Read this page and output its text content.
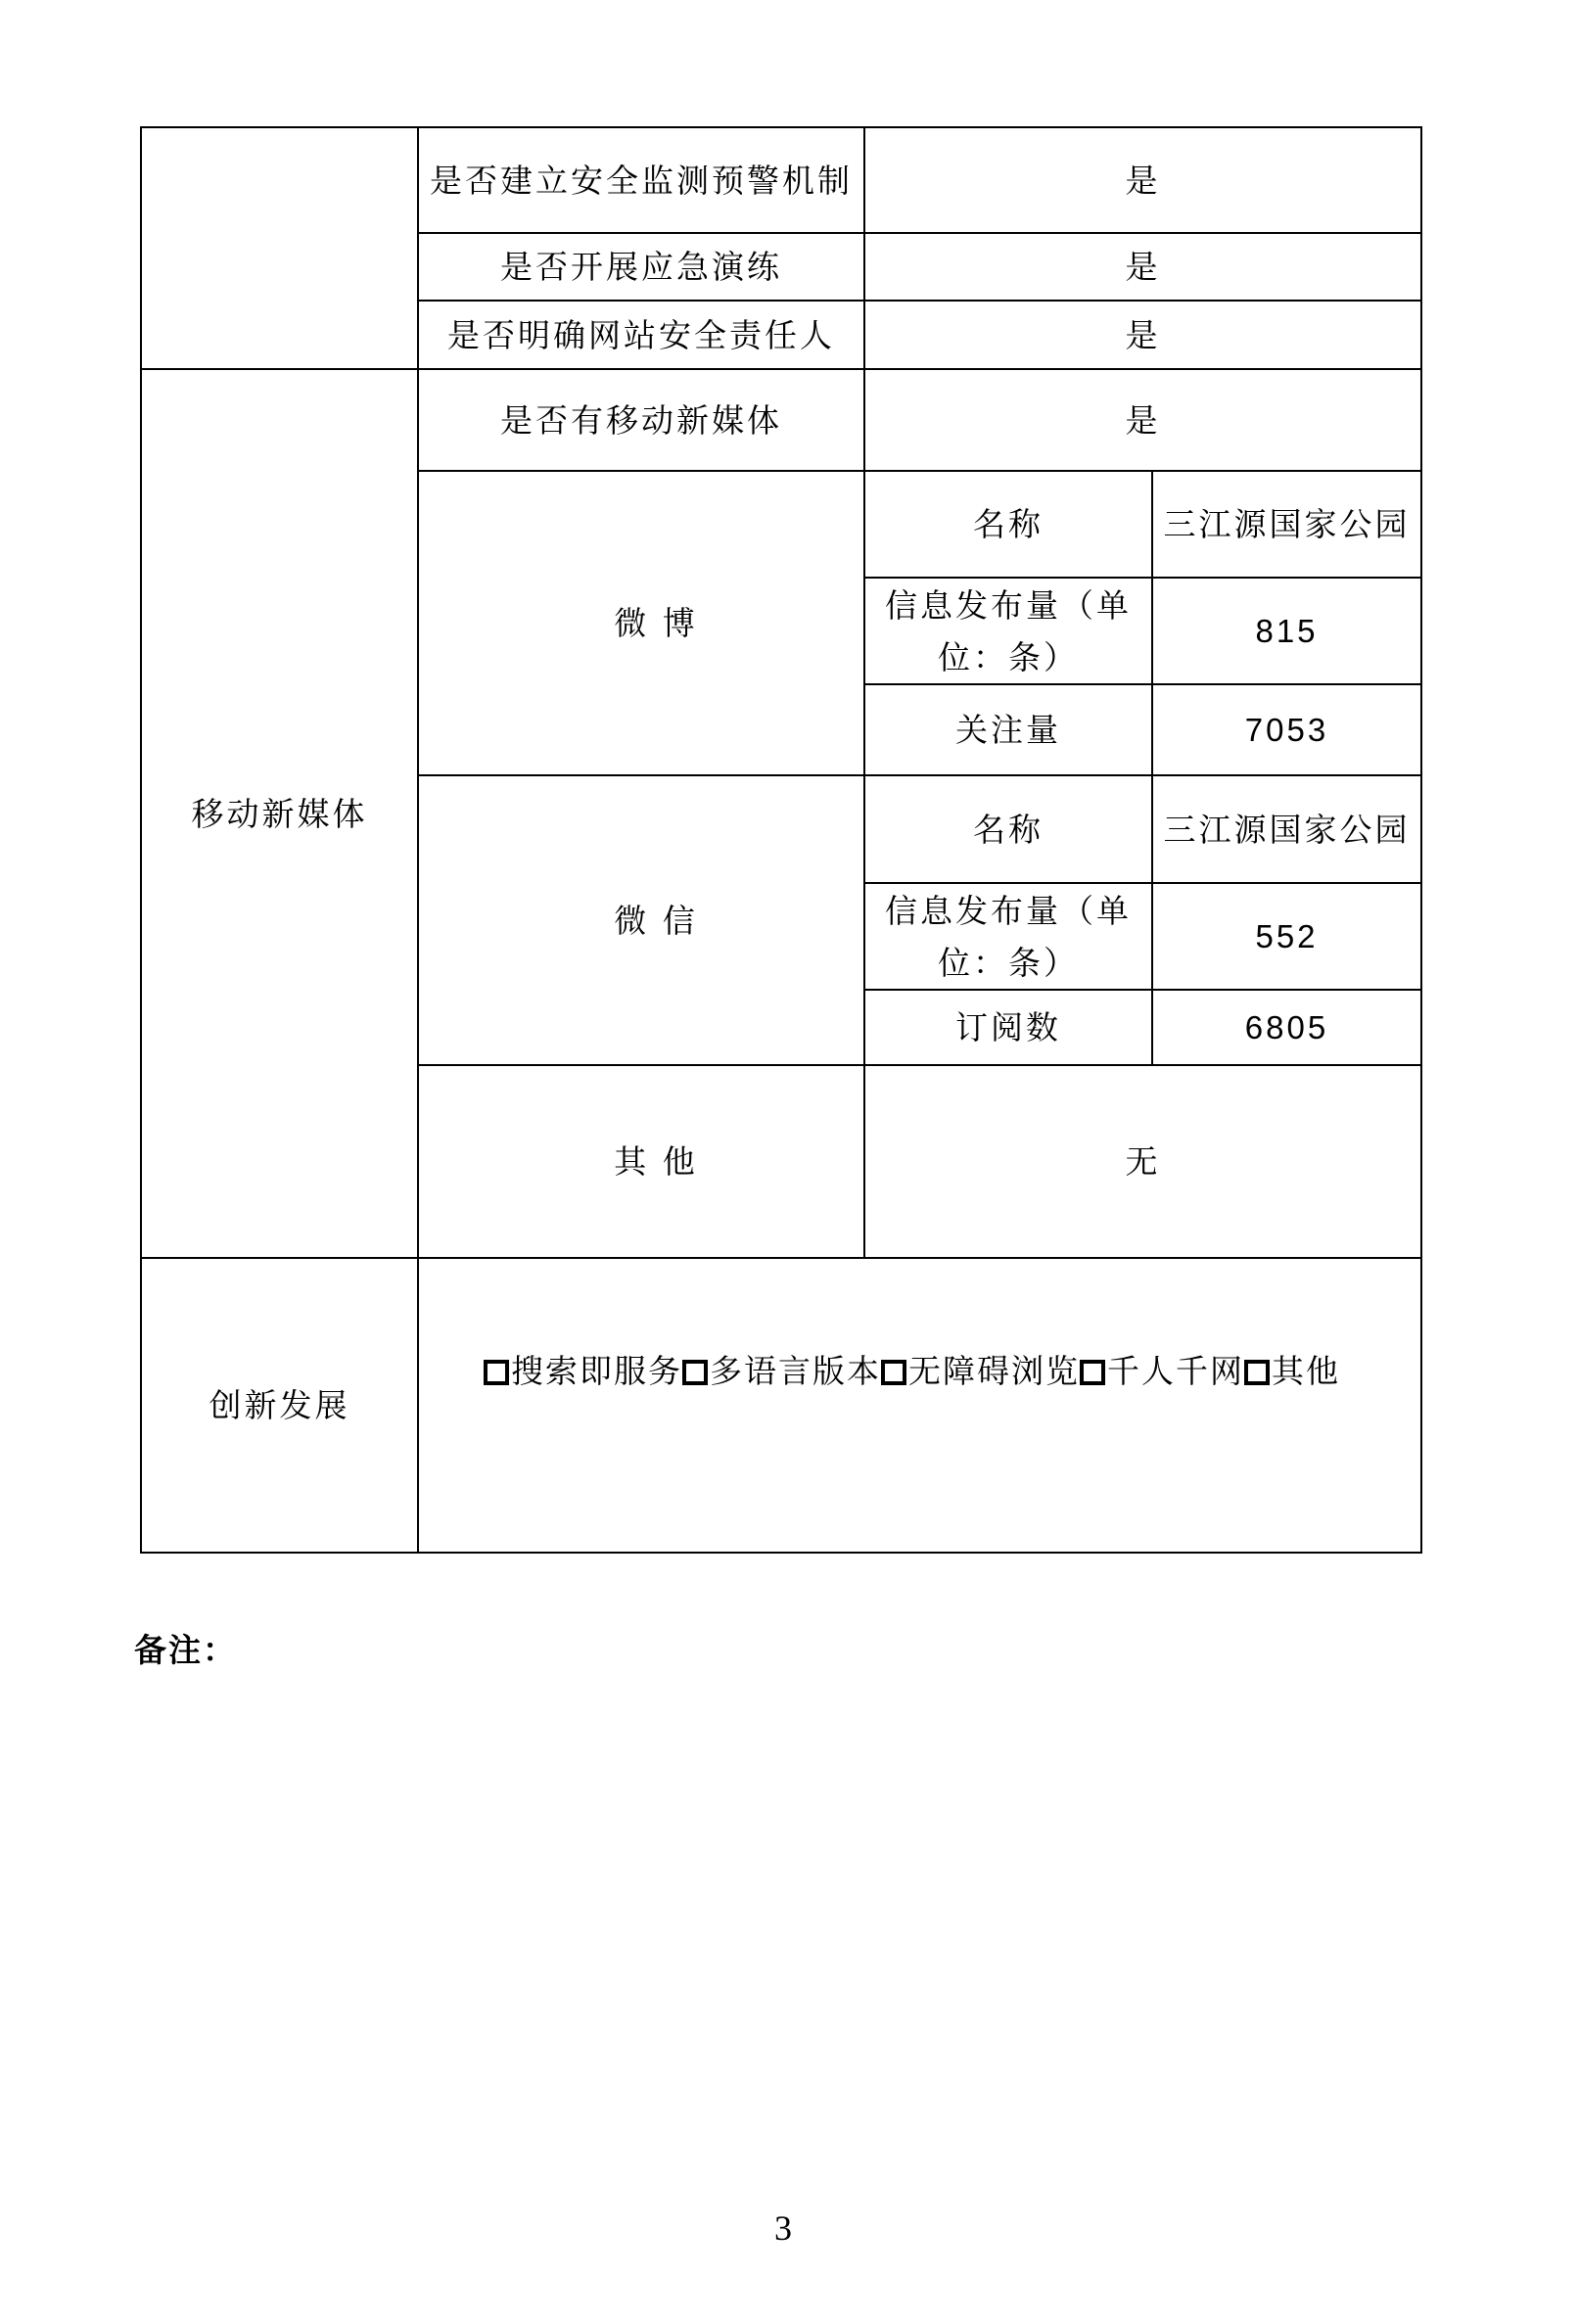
	是否建立安全监测预警机制	是	
	是否开展应急演练	是	
	是否明确网站安全责任人	是	
移动新媒体	是否有移动新媒体	是	
	微 博	名称	三江源国家公园
		信息发布量（单位：条）	815
		关注量	7053
	微 信	名称	三江源国家公园
		信息发布量（单位：条）	552
		订阅数	6805
	其 他	无	
创新发展	搜索即服务 多语言版本 无障碍浏览 千人千网 其他		
备注：
3
